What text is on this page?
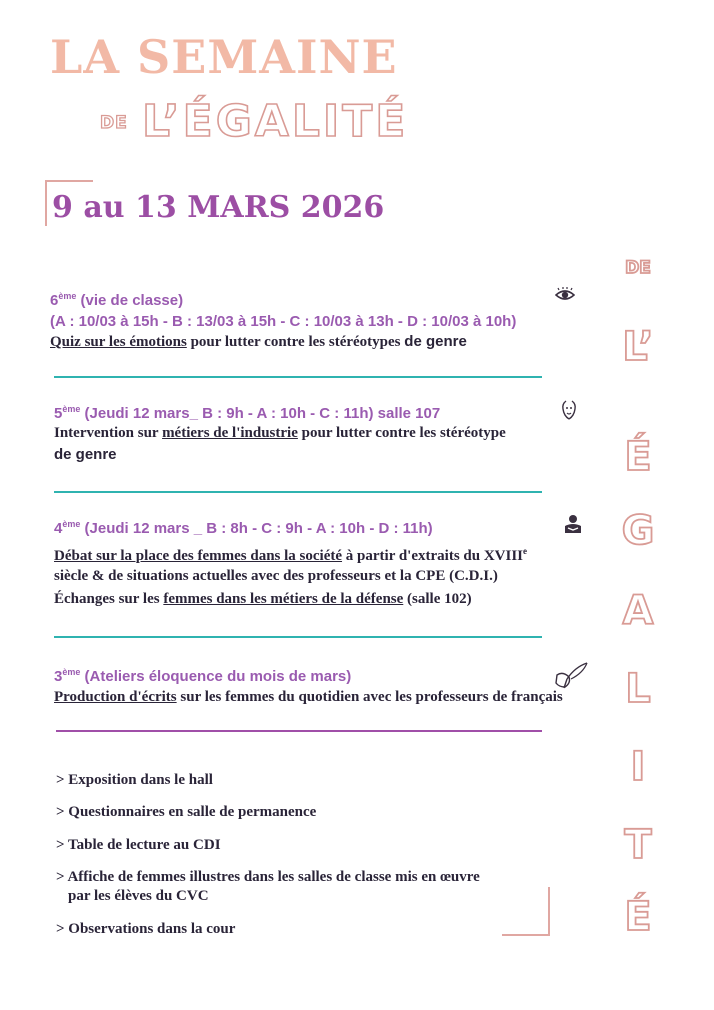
LA SEMAINE
DE L’ÉGALITÉ
9 au 13 MARS 2026
DE
L’
É
G
A
L
I
T
É
6ème (vie de classe)
(A : 10/03 à 15h - B : 13/03 à 15h - C : 10/03 à 13h - D : 10/03 à 10h)
Quiz sur les émotions pour lutter contre les stéréotypes de genre
5ème (Jeudi 12 mars_ B : 9h - A : 10h - C : 11h) salle 107
Intervention sur métiers de l'industrie pour lutter contre les stéréotype
de genre
4ème (Jeudi 12 mars _ B : 8h - C : 9h - A : 10h - D : 11h)
Débat sur la place des femmes dans la société à partir d'extraits du XVIIIe
siècle & de situations actuelles avec des professeurs et la CPE (C.D.I.)
Échanges sur les femmes dans les métiers de la défense (salle 102)
3ème (Ateliers éloquence du mois de mars)
Production d'écrits sur les femmes du quotidien avec les professeurs de français
> Exposition dans le hall
> Questionnaires en salle de permanence
> Table de lecture au CDI
> Affiche de femmes illustres dans les salles de classe mis en œuvre
par les élèves du CVC
> Observations dans la cour
